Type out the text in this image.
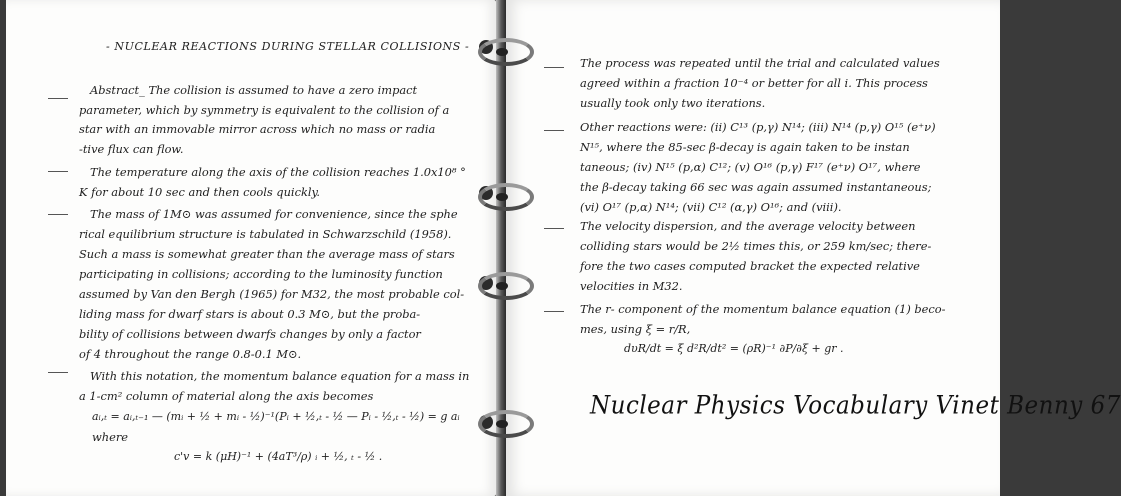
- NUCLEAR REACTIONS DURING STELLAR COLLISIONS -
Abstract_ The collision is assumed to have a zero impact
parameter, which by symmetry is equivalent to the collision of a
star with an immovable mirror across which no mass or radia
-tive flux can flow.
The temperature along the axis of the collision reaches 1.0x10⁸ °
K for about 10 sec and then cools quickly.
The mass of 1M⊙ was assumed for convenience, since the sphe
rical equilibrium structure is tabulated in Schwarzschild (1958).
Such a mass is somewhat greater than the average mass of stars
participating in collisions; according to the luminosity function
assumed by Van den Bergh (1965) for M32, the most probable col-
liding mass for dwarf stars is about 0.3 M⊙, but the proba-
bility of collisions between dwarfs changes by only a factor
of 4 throughout the range 0.8-0.1 M⊙.
With this notation, the momentum balance equation for a mass in
a 1-cm² column of material along the axis becomes
aᵢ,ₜ = aᵢ,ₜ₋₁ — (mᵢ + ½ + mᵢ - ½)⁻¹(Pᵢ + ½,ₜ - ½ — Pᵢ - ½,ₜ - ½) = g aᵢ
where
c'v = k (μH)⁻¹ + (4aT³/ρ) ᵢ + ½, ₜ - ½ .
The process was repeated until the trial and calculated values
agreed within a fraction 10⁻⁴ or better for all i. This process
usually took only two iterations.
Other reactions were: (ii) C¹³ (p,γ) N¹⁴; (iii) N¹⁴ (p,γ) O¹⁵ (e⁺ν)
N¹⁵, where the 85-sec β-decay is again taken to be instan
taneous; (iv) N¹⁵ (p,α) C¹²; (v) O¹⁶ (p,γ) F¹⁷ (e⁺ν) O¹⁷, where
the β-decay taking 66 sec was again assumed instantaneous;
(vi) O¹⁷ (p,α) N¹⁴; (vii) C¹² (α,γ) O¹⁶; and (viii).
The velocity dispersion, and the average velocity between
colliding stars would be 2½ times this, or 259 km/sec; there-
fore the two cases computed bracket the expected relative
velocities in M32.
The r- component of the momentum balance equation (1) beco-
mes, using ξ = r/R,
dυR/dt = ξ d²R/dt² = (ρR)⁻¹ ∂P/∂ξ + gr .
Nuclear Physics Vocabulary Vinet Benny 67
